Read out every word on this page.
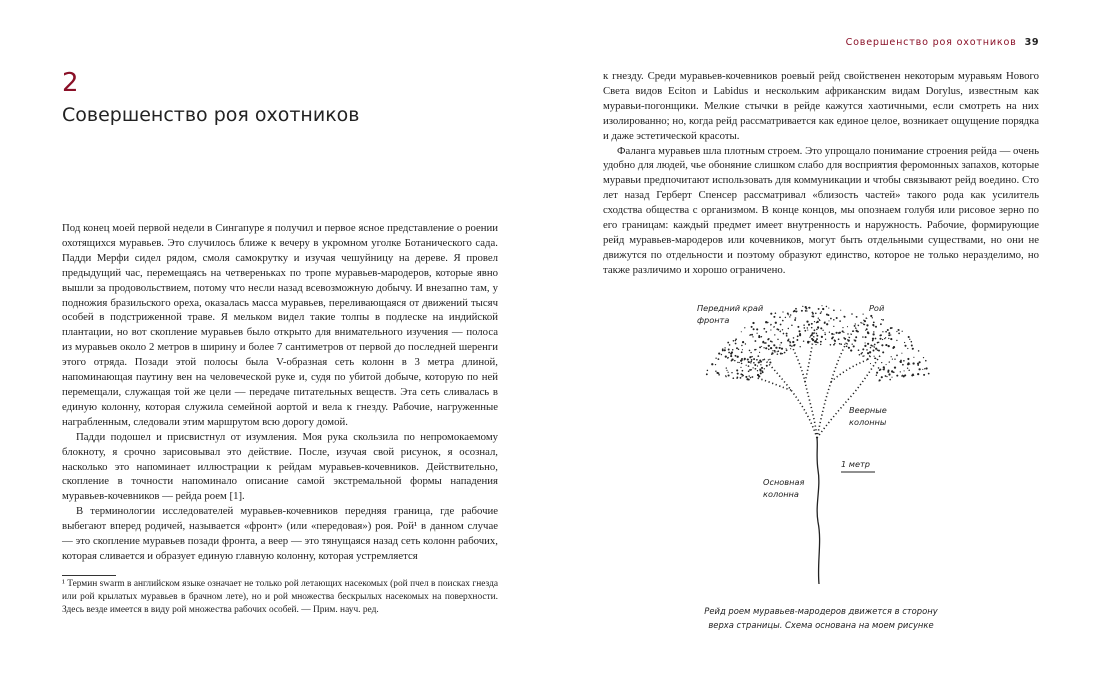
2
Совершенство роя охотников

Под конец моей первой недели в Сингапуре я получил и первое ясное представление о роении охотящихся муравьев. Это случилось ближе к вечеру в укромном уголке Ботанического сада. Падди Мерфи сидел рядом, смоля самокрутку и изучая чешуйницу на дереве. Я провел предыдущий час, перемещаясь на четвереньках по тропе муравьев-мародеров, которые явно вышли за продовольствием, потому что несли назад всевозможную добычу. И внезапно там, у подножия бразильского ореха, оказалась масса муравьев, переливающаяся от движений тысяч особей в подстриженной траве. Я мельком видел такие толпы в подлеске на индийской плантации, но вот скопление муравьев было открыто для внимательного изучения — полоса из муравьев около 2 метров в ширину и более 7 сантиметров от первой до последней шеренги этого отряда. Позади этой полосы была V-образная сеть колонн в 3 метра длиной, напоминающая паутину вен на человеческой руке и, судя по убитой добыче, которую по ней перемещали, служащая той же цели — передаче питательных веществ. Эта сеть сливалась в единую колонну, которая служила семейной аортой и вела к гнезду. Рабочие, нагруженные награбленным, следовали этим маршрутом всю дорогу домой.

Падди подошел и присвистнул от изумления. Моя рука скользила по непромокаемому блокноту, я срочно зарисовывал это действие. После, изучая свой рисунок, я осознал, насколько это напоминает иллюстрации к рейдам муравьев-кочевников. Действительно, скопление в точности напоминало описание самой экстремальной формы нападения муравьев-кочевников — рейда роем [1].

В терминологии исследователей муравьев-кочевников передняя граница, где рабочие выбегают вперед родичей, называется «фронт» (или «передовая») роя. Рой¹ в данном случае — это скопление муравьев позади фронта, а веер — это тянущаяся назад сеть колонн рабочих, которая сливается и образует единую главную колонну, которая устремляется

¹ Термин swarm в английском языке означает не только рой летающих насекомых (рой пчел в поисках гнезда или рой крылатых муравьев в брачном лете), но и рой множества бескрылых насекомых на поверхности. Здесь везде имеется в виду рой множества рабочих особей. — Прим. науч. ред.
Совершенство роя охотников 39

к гнезду. Среди муравьев-кочевников роевый рейд свойственен некоторым муравьям Нового Света видов Eciton и Labidus и нескольким африканским видам Dorylus, известным как муравьи-погонщики. Мелкие стычки в рейде кажутся хаотичными, если смотреть на них изолированно; но, когда рейд рассматривается как единое целое, возникает ощущение порядка и даже эстетической красоты.

Фаланга муравьев шла плотным строем. Это упрощало понимание строения рейда — очень удобно для людей, чье обоняние слишком слабо для восприятия феромонных запахов, которые муравьи предпочитают использовать для коммуникации и чтобы связывают рейд воедино. Сто лет назад Герберт Спенсер рассматривал «близость частей» такого рода как усилитель сходства общества с организмом. В конце концов, мы опознаем голубя или рисовое зерно по его границам: каждый предмет имеет внутренность и наружность. Рабочие, формирующие рейд муравьев-мародеров или кочевников, могут быть отдельными существами, но они не движутся по отдельности и поэтому образуют единство, которое не только неразделимо, но также различимо и хорошо ограничено.

Передний край
фронта
Рой
Веерные
колонны
1 метр
Основная
колонна
Рейд роем муравьев-мародеров движется в сторону
верха страницы. Схема основана на моем рисунке
